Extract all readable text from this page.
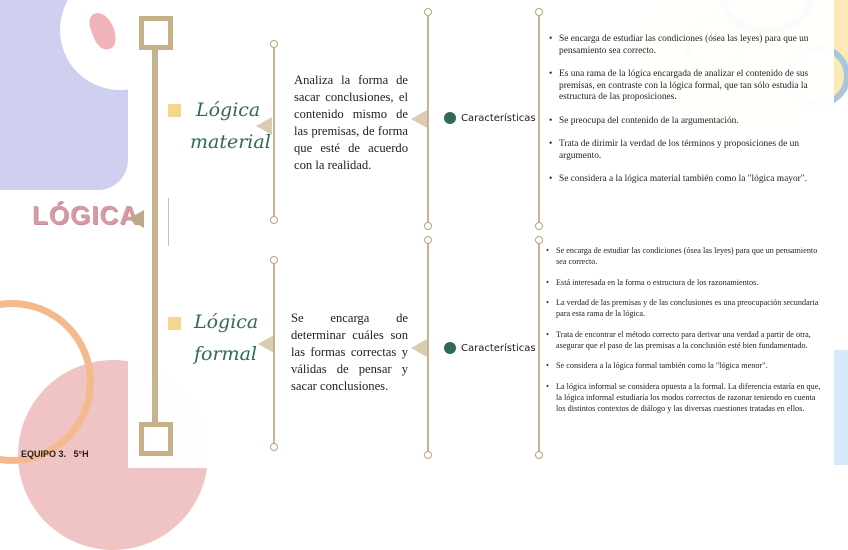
LÓGICA
Lógica
material
Analiza la forma de sacar conclusiones, el contenido mismo de las premisas, de forma que esté de acuerdo con la realidad.
Características
• Se encarga de estudiar las condiciones (ósea las leyes) para que un pensamiento sea correcto.
• Es una rama de la lógica encargada de analizar el contenido de sus premisas, en contraste con la lógica formal, que tan sólo estudia la estructura de las proposiciones.
• Se preocupa del contenido de la argumentación.
• Trata de dirimir la verdad de los términos y proposiciones de un argumento.
• Se considera a la lógica material también como la "lógica mayor".
Lógica
formal
Se encarga de determinar cuáles son las formas correctas y válidas de pensar y sacar conclusiones.
Características
• Se encarga de estudiar las condiciones (ósea las leyes) para que un pensamiento sea correcto.
• Está interesada en la forma o estructura de los razonamientos.
• La verdad de las premisas y de las conclusiones es una preocupación secundaria para esta rama de la lógica.
• Trata de encontrar el método correcto para derivar una verdad a partir de otra, asegurar que el paso de las premisas a la conclusión esté bien fundamentado.
• Se considera a la lógica formal también como la "lógica menor".
• La lógica informal se considera opuesta a la formal. La diferencia estaría en que, la lógica informal estudiaría los modos correctos de razonar teniendo en cuenta los distintos contextos de diálogo y las diversas cuestiones tratadas en ellos.
EQUIPO 3.   5°H
